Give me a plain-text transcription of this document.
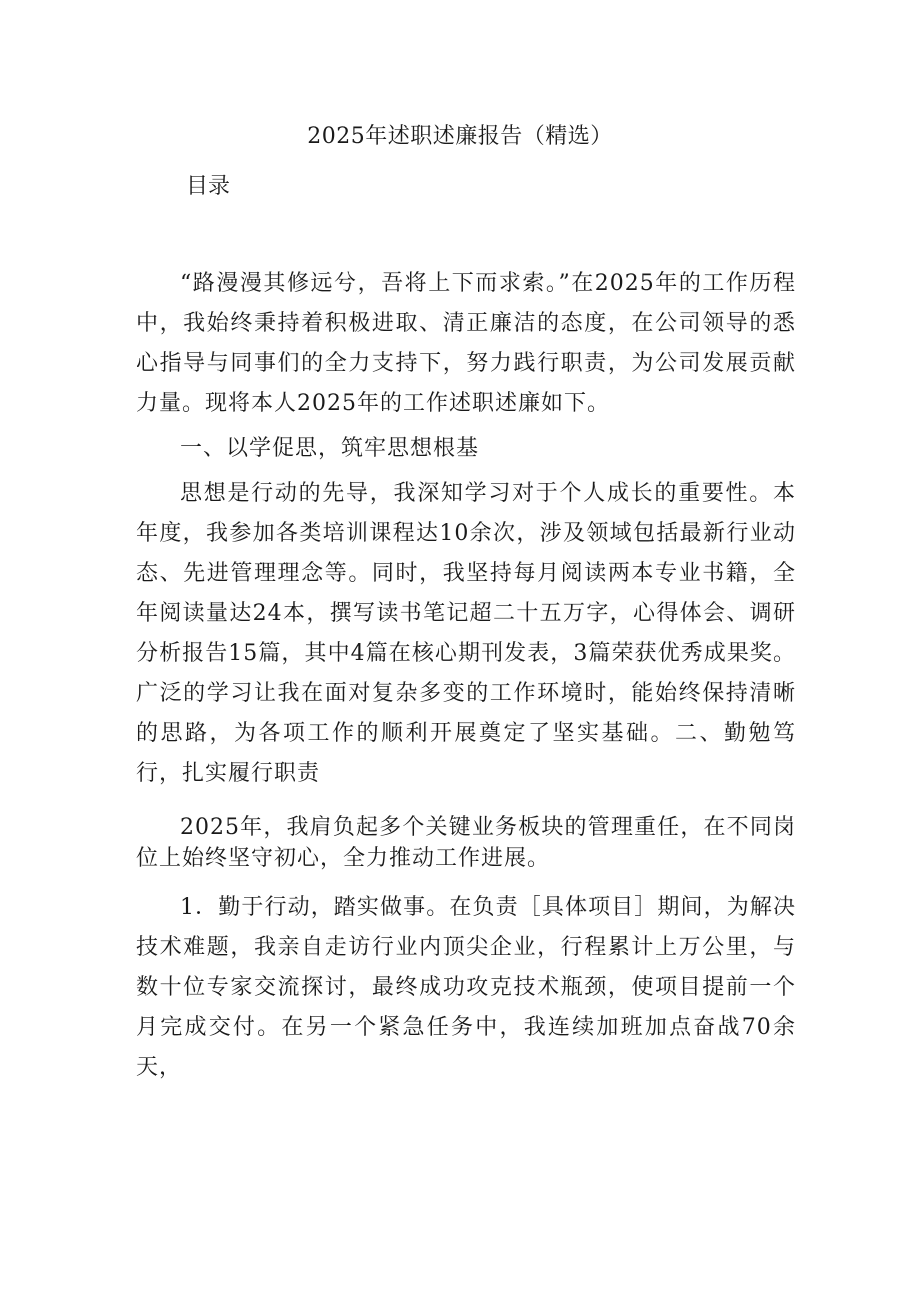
2025年述职述廉报告（精选）
目录

“路漫漫其修远兮，吾将上下而求索。”在2025年的工作历程中，我始终秉持着积极进取、清正廉洁的态度，在公司领导的悉心指导与同事们的全力支持下，努力践行职责，为公司发展贡献力量。现将本人2025年的工作述职述廉如下。

一、以学促思，筑牢思想根基

思想是行动的先导，我深知学习对于个人成长的重要性。本年度，我参加各类培训课程达10余次，涉及领域包括最新行业动态、先进管理理念等。同时，我坚持每月阅读两本专业书籍，全年阅读量达24本，撰写读书笔记超二十五万字，心得体会、调研分析报告15篇，其中4篇在核心期刊发表，3篇荣获优秀成果奖。广泛的学习让我在面对复杂多变的工作环境时，能始终保持清晰的思路，为各项工作的顺利开展奠定了坚实基础。二、勤勉笃行，扎实履行职责

2025年，我肩负起多个关键业务板块的管理重任，在不同岗位上始终坚守初心，全力推动工作进展。

1．勤于行动，踏实做事。在负责［具体项目］期间，为解决技术难题，我亲自走访行业内顶尖企业，行程累计上万公里，与数十位专家交流探讨，最终成功攻克技术瓶颈，使项目提前一个月完成交付。在另一个紧急任务中，我连续加班加点奋战70余天，
